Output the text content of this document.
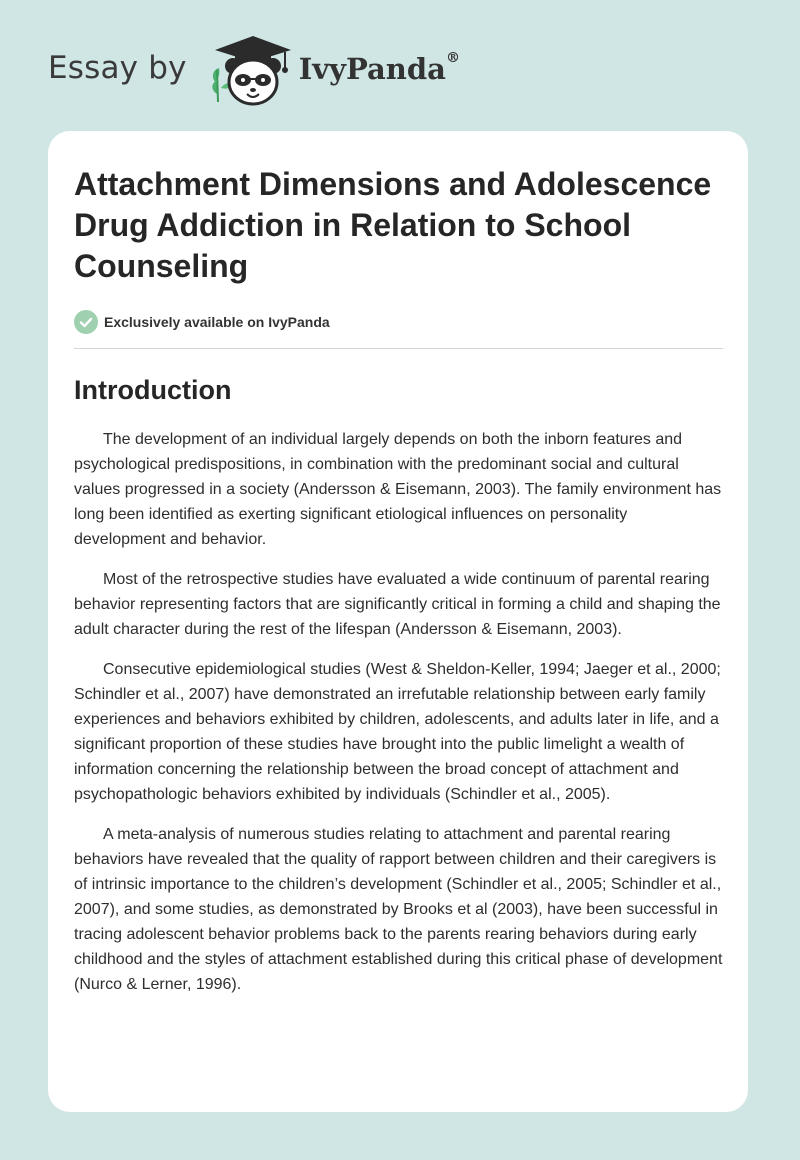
Essay by	IvyPanda®
Attachment Dimensions and Adolescence Drug Addiction in Relation to School Counseling
Exclusively available on IvyPanda
Introduction

The development of an individual largely depends on both the inborn features and psychological predispositions, in combination with the predominant social and cultural values progressed in a society (Andersson & Eisemann, 2003). The family environment has long been identified as exerting significant etiological influences on personality development and behavior.

Most of the retrospective studies have evaluated a wide continuum of parental rearing behavior representing factors that are significantly critical in forming a child and shaping the adult character during the rest of the lifespan (Andersson & Eisemann, 2003).

Consecutive epidemiological studies (West & Sheldon-Keller, 1994; Jaeger et al., 2000; Schindler et al., 2007) have demonstrated an irrefutable relationship between early family experiences and behaviors exhibited by children, adolescents, and adults later in life, and a significant proportion of these studies have brought into the public limelight a wealth of information concerning the relationship between the broad concept of attachment and psychopathologic behaviors exhibited by individuals (Schindler et al., 2005).

A meta-analysis of numerous studies relating to attachment and parental rearing behaviors have revealed that the quality of rapport between children and their caregivers is of intrinsic importance to the children’s development (Schindler et al., 2005; Schindler et al., 2007), and some studies, as demonstrated by Brooks et al (2003), have been successful in tracing adolescent behavior problems back to the parents rearing behaviors during early childhood and the styles of attachment established during this critical phase of development (Nurco & Lerner, 1996).
